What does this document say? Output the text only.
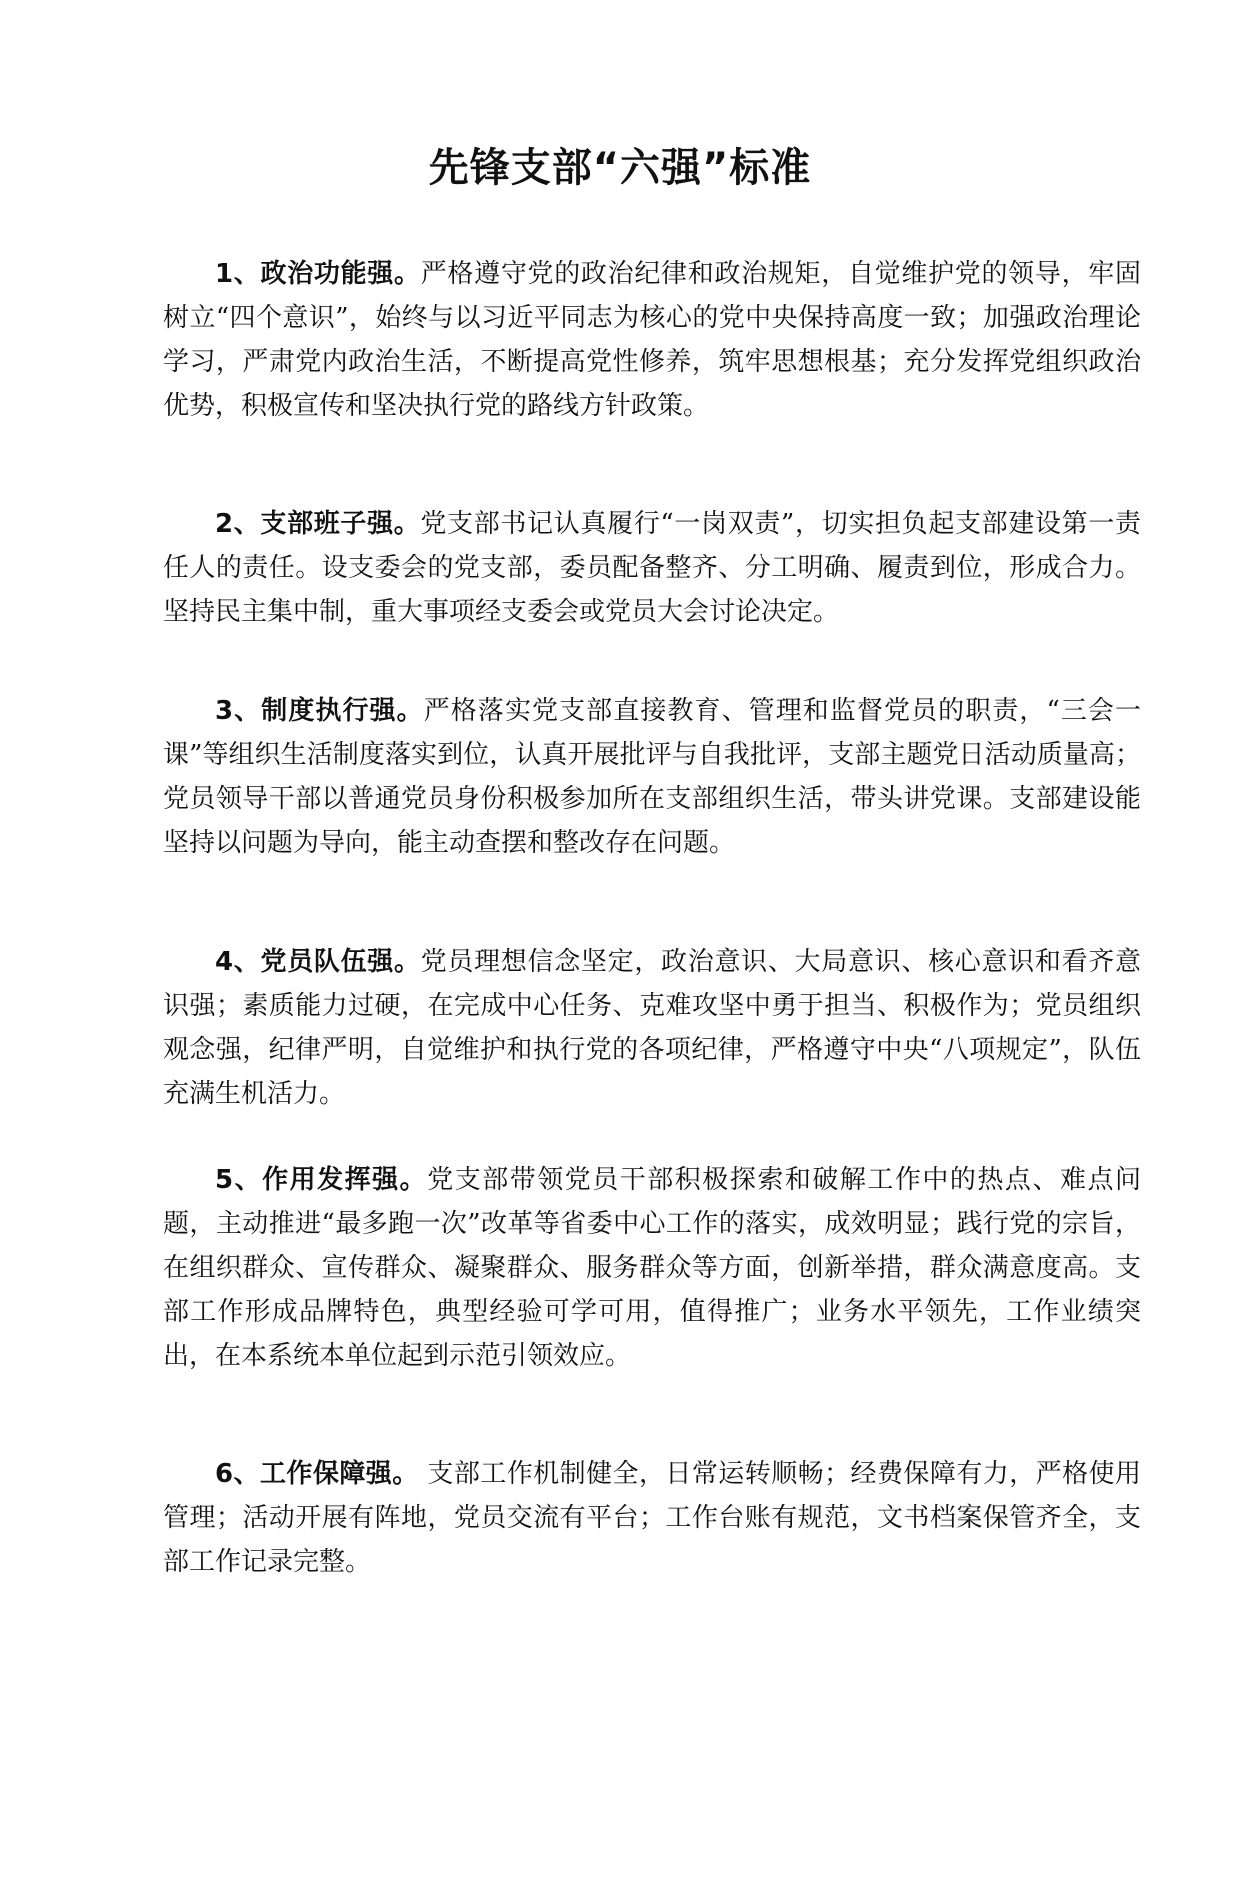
先锋支部“六强”标准

1、政治功能强。严格遵守党的政治纪律和政治规矩，自觉维护党的领导，牢固树立“四个意识”，始终与以习近平同志为核心的党中央保持高度一致；加强政治理论学习，严肃党内政治生活，不断提高党性修养，筑牢思想根基；充分发挥党组织政治优势，积极宣传和坚决执行党的路线方针政策。

2、支部班子强。党支部书记认真履行“一岗双责”，切实担负起支部建设第一责任人的责任。设支委会的党支部，委员配备整齐、分工明确、履责到位，形成合力。坚持民主集中制，重大事项经支委会或党员大会讨论决定。

3、制度执行强。严格落实党支部直接教育、管理和监督党员的职责，“三会一课”等组织生活制度落实到位，认真开展批评与自我批评，支部主题党日活动质量高；党员领导干部以普通党员身份积极参加所在支部组织生活，带头讲党课。支部建设能坚持以问题为导向，能主动查摆和整改存在问题。

4、党员队伍强。党员理想信念坚定，政治意识、大局意识、核心意识和看齐意识强；素质能力过硬，在完成中心任务、克难攻坚中勇于担当、积极作为；党员组织观念强，纪律严明，自觉维护和执行党的各项纪律，严格遵守中央“八项规定”，队伍充满生机活力。

5、作用发挥强。党支部带领党员干部积极探索和破解工作中的热点、难点问题，主动推进“最多跑一次”改革等省委中心工作的落实，成效明显；践行党的宗旨，在组织群众、宣传群众、凝聚群众、服务群众等方面，创新举措，群众满意度高。支部工作形成品牌特色，典型经验可学可用，值得推广；业务水平领先，工作业绩突出，在本系统本单位起到示范引领效应。

6、工作保障强。 支部工作机制健全，日常运转顺畅；经费保障有力，严格使用管理；活动开展有阵地，党员交流有平台；工作台账有规范，文书档案保管齐全，支部工作记录完整。
